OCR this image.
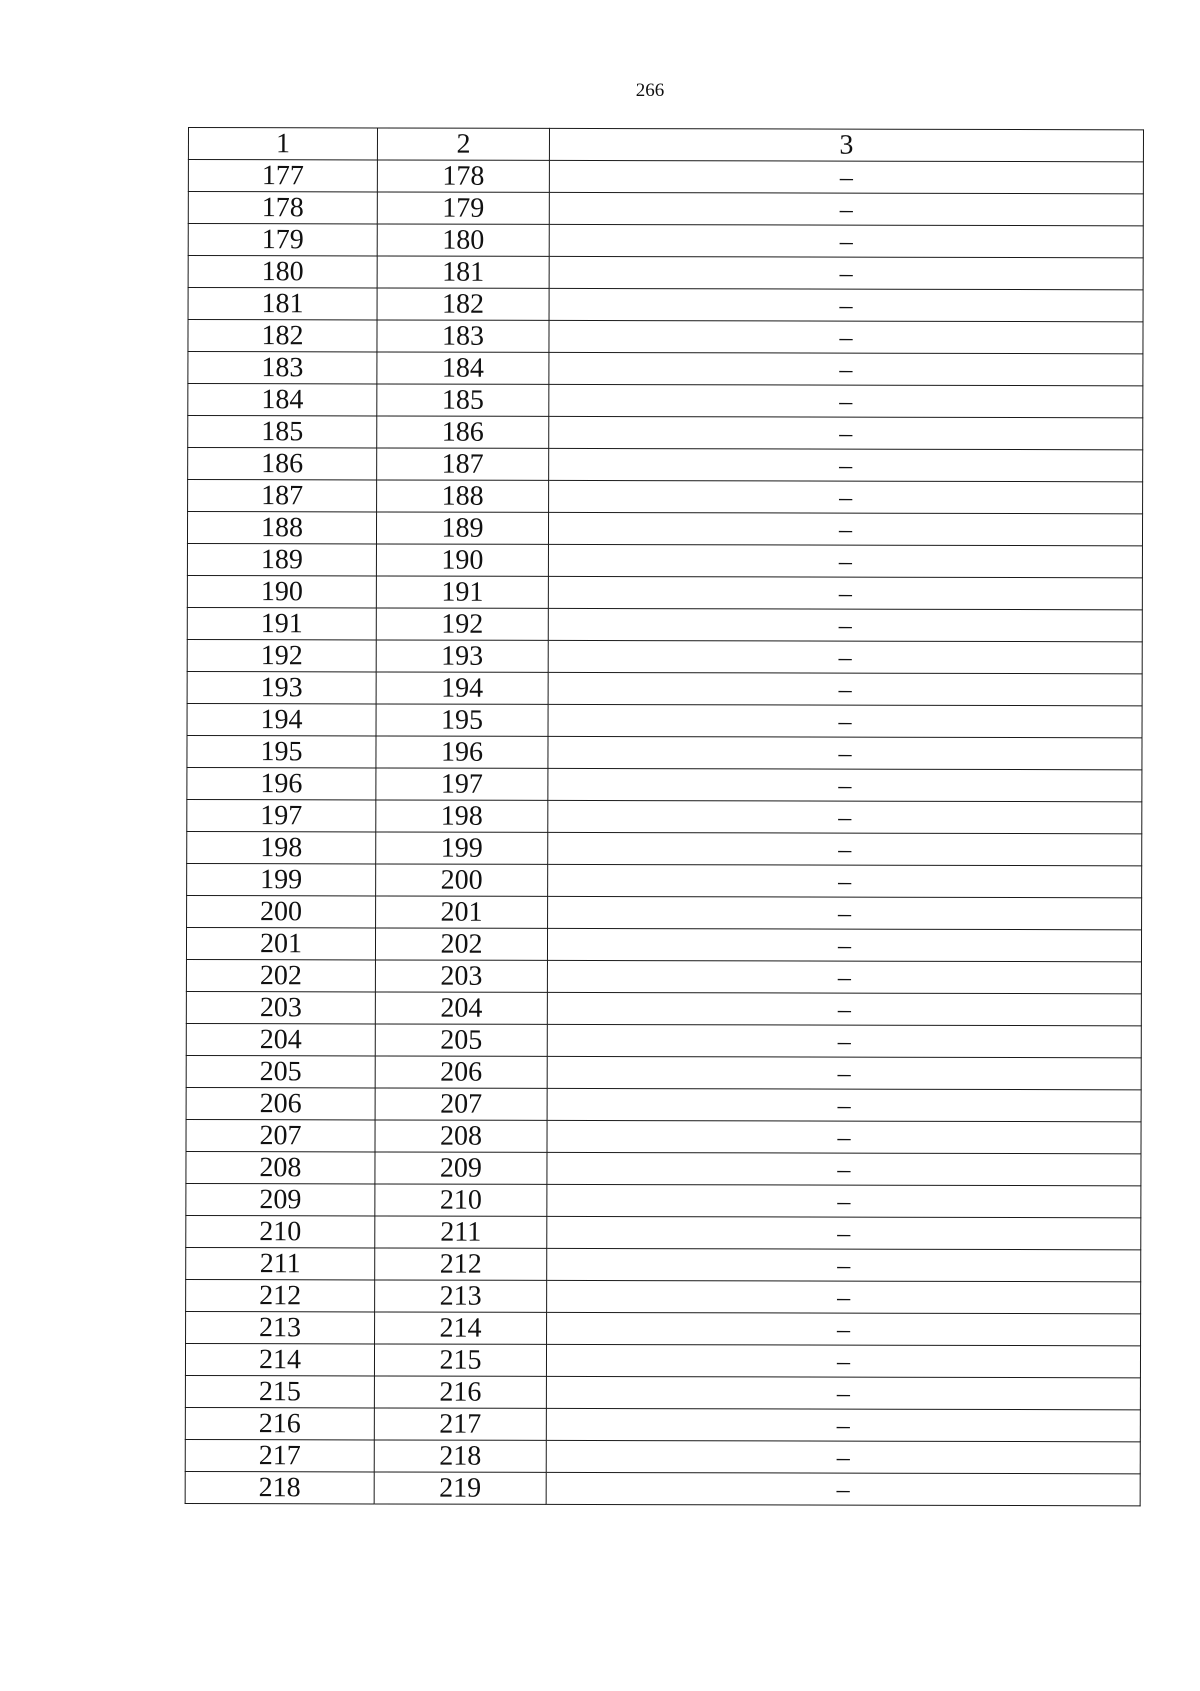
266
1	2	3
177	178	–
178	179	–
179	180	–
180	181	–
181	182	–
182	183	–
183	184	–
184	185	–
185	186	–
186	187	–
187	188	–
188	189	–
189	190	–
190	191	–
191	192	–
192	193	–
193	194	–
194	195	–
195	196	–
196	197	–
197	198	–
198	199	–
199	200	–
200	201	–
201	202	–
202	203	–
203	204	–
204	205	–
205	206	–
206	207	–
207	208	–
208	209	–
209	210	–
210	211	–
211	212	–
212	213	–
213	214	–
214	215	–
215	216	–
216	217	–
217	218	–
218	219	–
